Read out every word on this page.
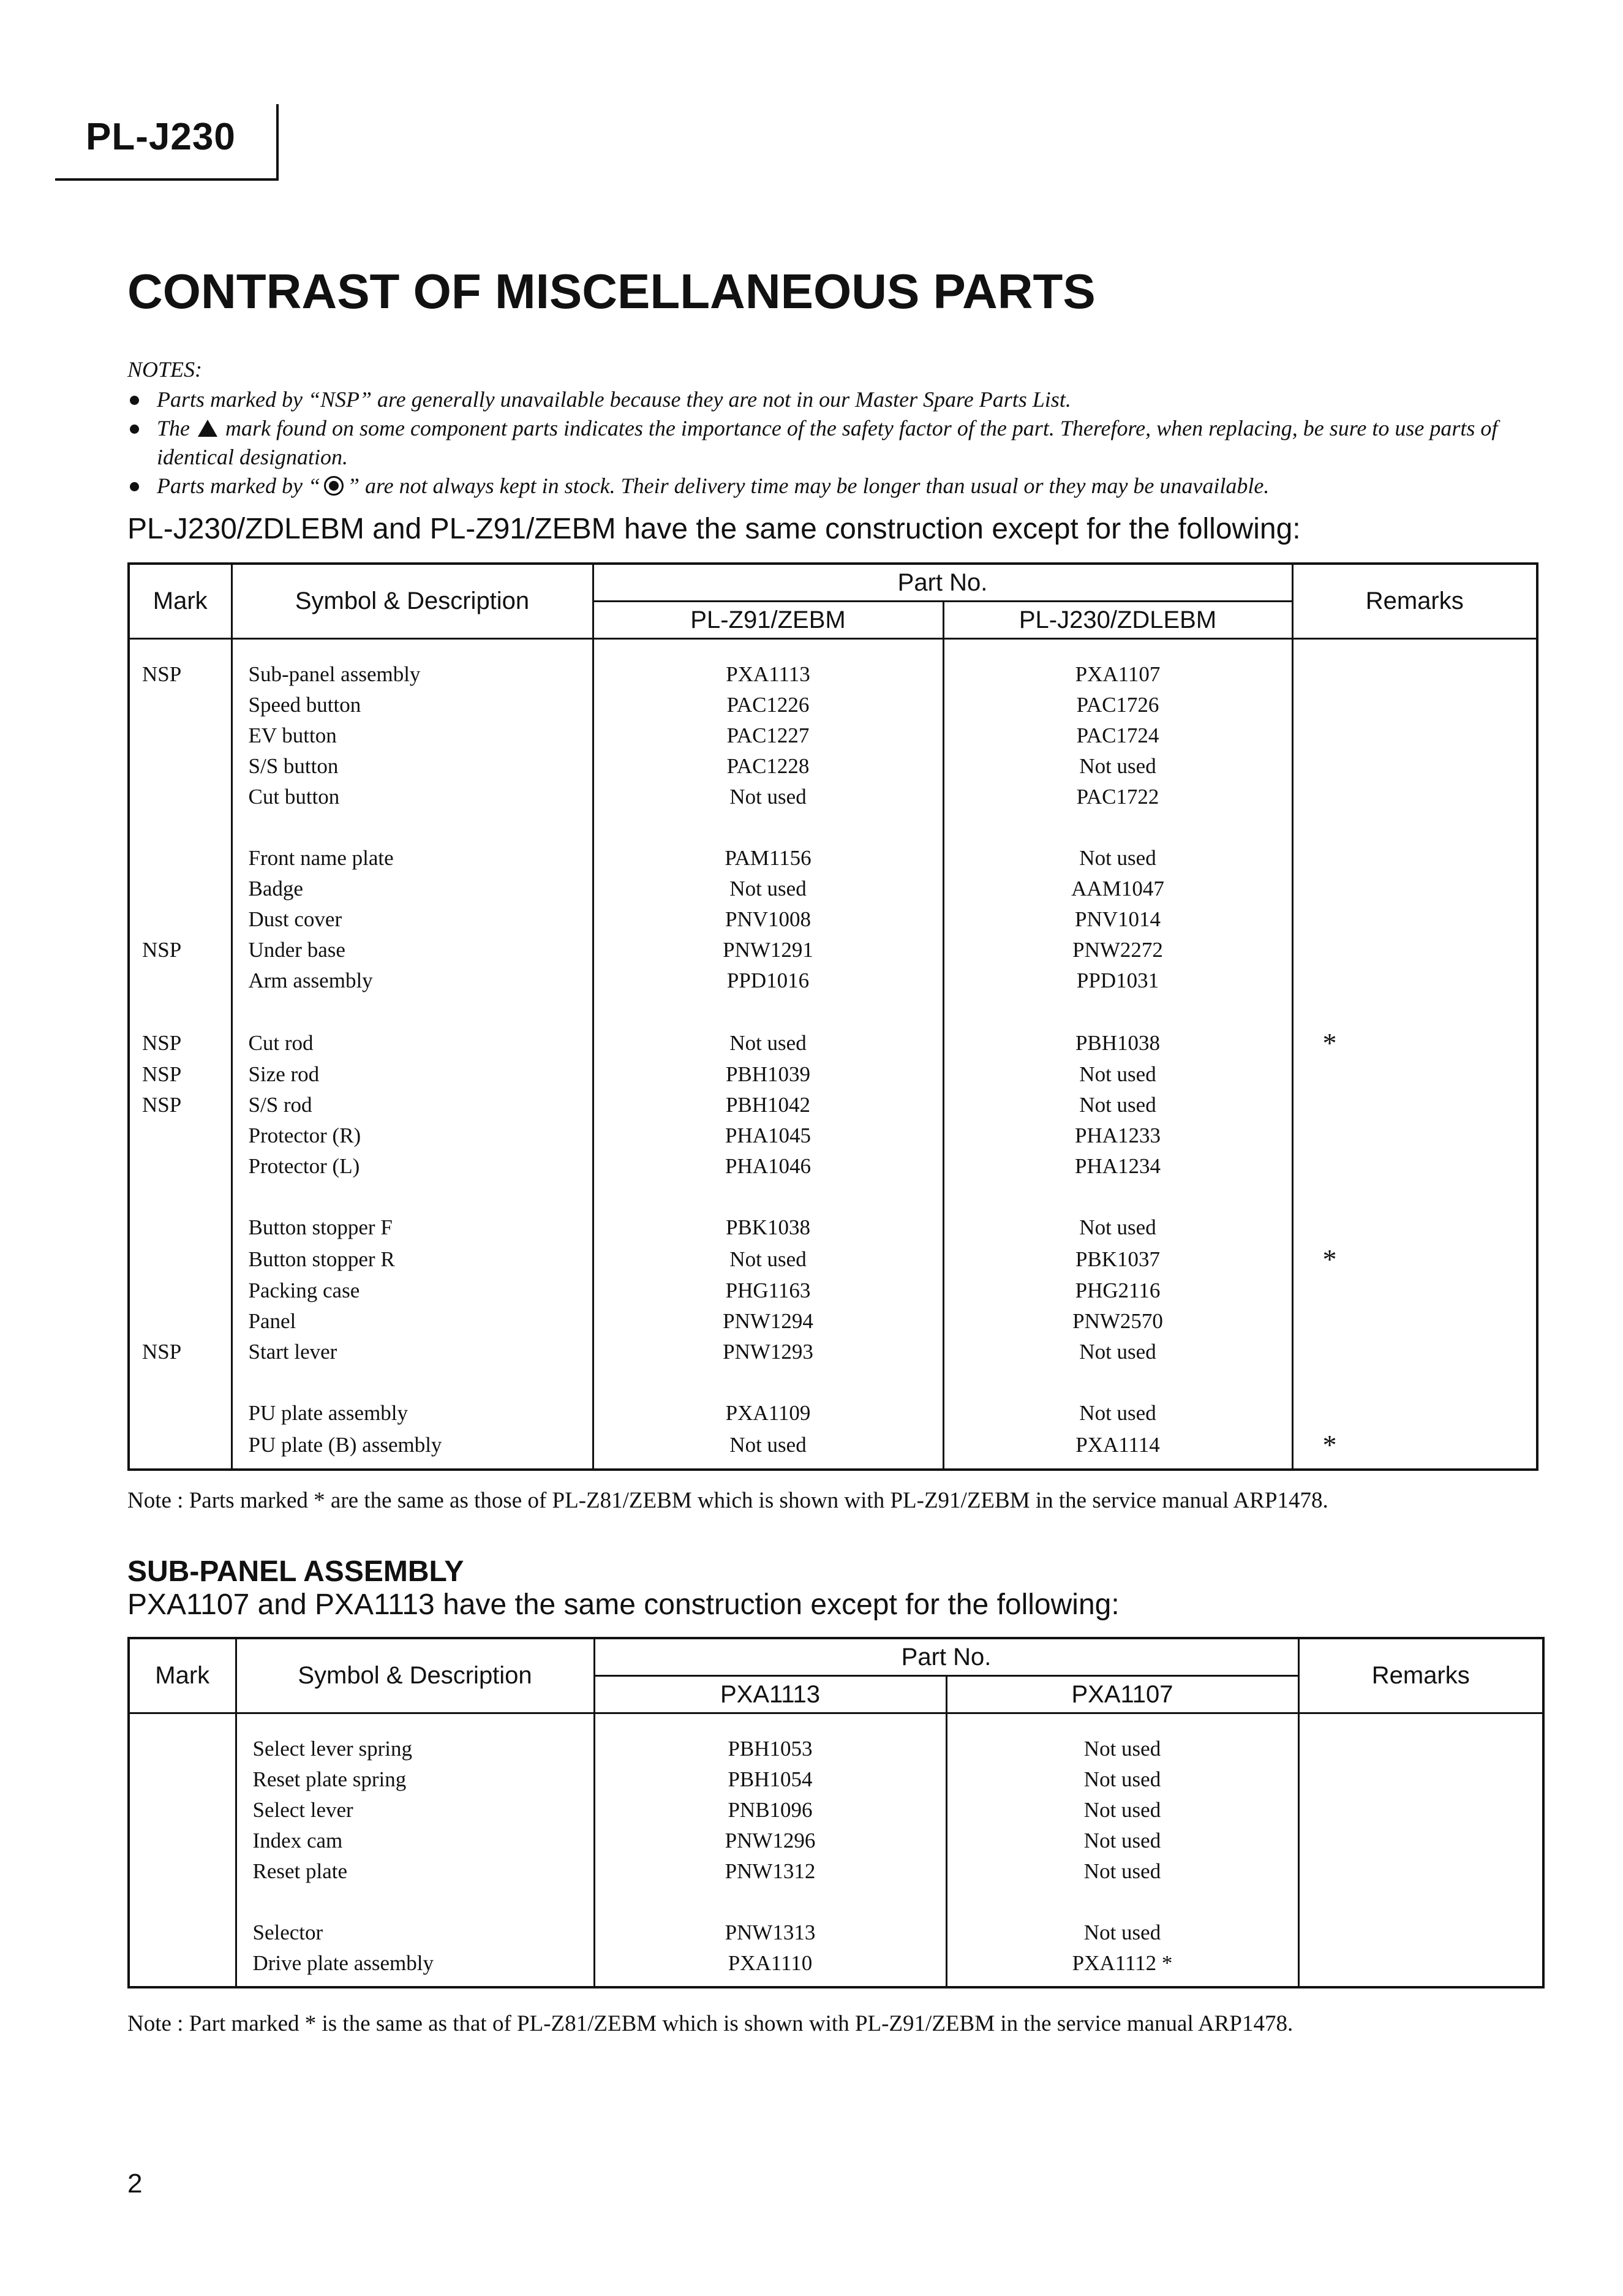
PL-J230
CONTRAST OF MISCELLANEOUS PARTS
NOTES:
Parts marked by “NSP” are generally unavailable because they are not in our Master Spare Parts List.
The mark found on some component parts indicates the importance of the safety factor of the part. Therefore, when replacing, be sure to use parts of identical designation.
Parts marked by “ ” are not always kept in stock. Their delivery time may be longer than usual or they may be unavailable.
PL-J230/ZDLEBM and PL-Z91/ZEBM have the same construction except for the following:
Mark	Symbol & Description	Part No.		Remarks
		PL-Z91/ZEBM	PL-J230/ZDLEBM	
NSP	Sub-panel assembly	PXA1113	PXA1107	
	Speed button	PAC1226	PAC1726	
	EV button	PAC1227	PAC1724	
	S/S button	PAC1228	Not used	
	Cut button	Not used	PAC1722	
	Front name plate	PAM1156	Not used	
	Badge	Not used	AAM1047	
	Dust cover	PNV1008	PNV1014	
NSP	Under base	PNW1291	PNW2272	
	Arm assembly	PPD1016	PPD1031	
NSP	Cut rod	Not used	PBH1038	*
NSP	Size rod	PBH1039	Not used	
NSP	S/S rod	PBH1042	Not used	
	Protector (R)	PHA1045	PHA1233	
	Protector (L)	PHA1046	PHA1234	
	Button stopper F	PBK1038	Not used	
	Button stopper R	Not used	PBK1037	*
	Packing case	PHG1163	PHG2116	
	Panel	PNW1294	PNW2570	
NSP	Start lever	PNW1293	Not used	
	PU plate assembly	PXA1109	Not used	
	PU plate (B) assembly	Not used	PXA1114	*
Note : Parts marked * are the same as those of PL-Z81/ZEBM which is shown with PL-Z91/ZEBM in the service manual ARP1478.
SUB-PANEL ASSEMBLY
PXA1107 and PXA1113 have the same construction except for the following:
Mark	Symbol & Description	Part No.		Remarks
		PXA1113	PXA1107	
	Select lever spring	PBH1053	Not used	
	Reset plate spring	PBH1054	Not used	
	Select lever	PNB1096	Not used	
	Index cam	PNW1296	Not used	
	Reset plate	PNW1312	Not used	
	Selector	PNW1313	Not used	
	Drive plate assembly	PXA1110	PXA1112 *	
Note : Part marked * is the same as that of PL-Z81/ZEBM which is shown with PL-Z91/ZEBM in the service manual ARP1478.
2
